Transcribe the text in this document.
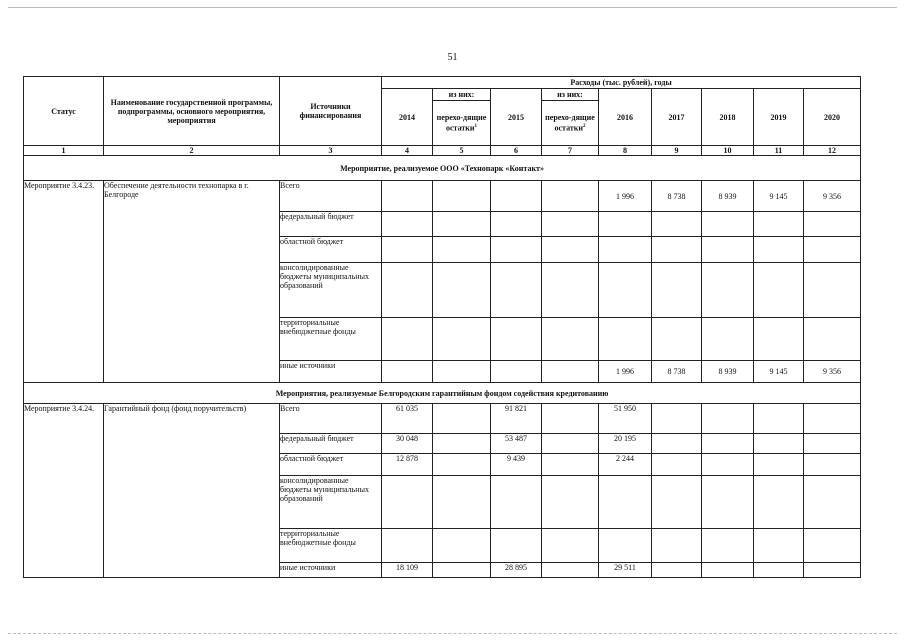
51
Статус	Наименование государственной программы, подпрограммы, основного мероприятия, мероприятия	Источники финансирования	Расходы (тыс. рублей), годы								
			2014	из них:	2015	из них:	2016	2017	2018	2019	2020
				перехо-дящие остатки$^1$		перехо-дящие остатки$^2$
1	2	3	4	5	6	7	8	9	10	11	12
Мероприятие, реализуемое ООО «Технопарк «Контакт»											
Мероприятие 3.4.23.	Обеспечение деятельности технопарка в г. Белгороде	Всего					1 996	8 738	8 939	9 145	9 356
		федеральный бюджет									
		областной бюджет									
		консолидированные бюджеты муниципальных образований									
		территориальные внебюджетные фонды									
		иные источники					1 996	8 738	8 939	9 145	9 356
Мероприятия, реализуемые Белгородским гарантийным фондом содействия кредитованию											
Мероприятие 3.4.24.	Гарантийный фонд (фонд поручительств)	Всего	61 035		91 821		51 950				
		федеральный бюджет	30 048		53 487		20 195				
		областной бюджет	12 878		9 439		2 244				
		консолидированные бюджеты муниципальных образований									
		территориальные внебюджетные фонды									
		иные источники	18 109		28 895		29 511				
